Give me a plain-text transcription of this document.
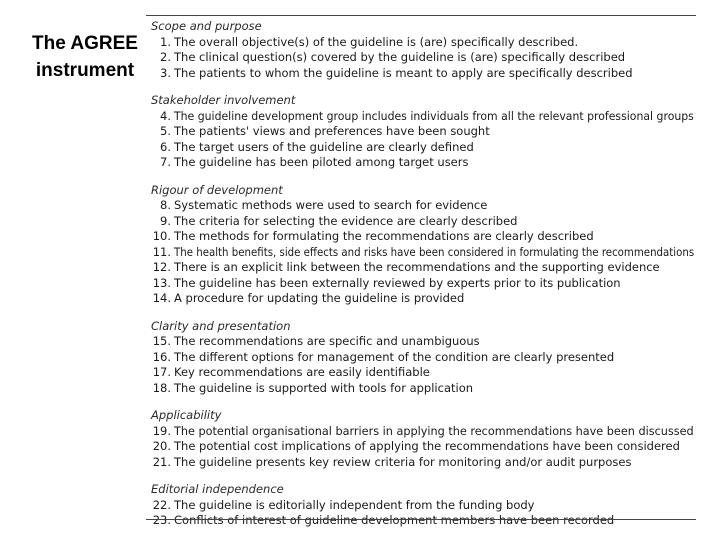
The AGREE
instrument
Scope and purpose
1. The overall objective(s) of the guideline is (are) specifically described.
2. The clinical question(s) covered by the guideline is (are) specifically described
3. The patients to whom the guideline is meant to apply are specifically described
Stakeholder involvement
4. The guideline development group includes individuals from all the relevant professional groups
5. The patients' views and preferences have been sought
6. The target users of the guideline are clearly defined
7. The guideline has been piloted among target users
Rigour of development
8. Systematic methods were used to search for evidence
9. The criteria for selecting the evidence are clearly described
10. The methods for formulating the recommendations are clearly described
11. The health benefits, side effects and risks have been considered in formulating the recommendations
12. There is an explicit link between the recommendations and the supporting evidence
13. The guideline has been externally reviewed by experts prior to its publication
14. A procedure for updating the guideline is provided
Clarity and presentation
15. The recommendations are specific and unambiguous
16. The different options for management of the condition are clearly presented
17. Key recommendations are easily identifiable
18. The guideline is supported with tools for application
Applicability
19. The potential organisational barriers in applying the recommendations have been discussed
20. The potential cost implications of applying the recommendations have been considered
21. The guideline presents key review criteria for monitoring and/or audit purposes
Editorial independence
22. The guideline is editorially independent from the funding body
23. Conflicts of interest of guideline development members have been recorded
